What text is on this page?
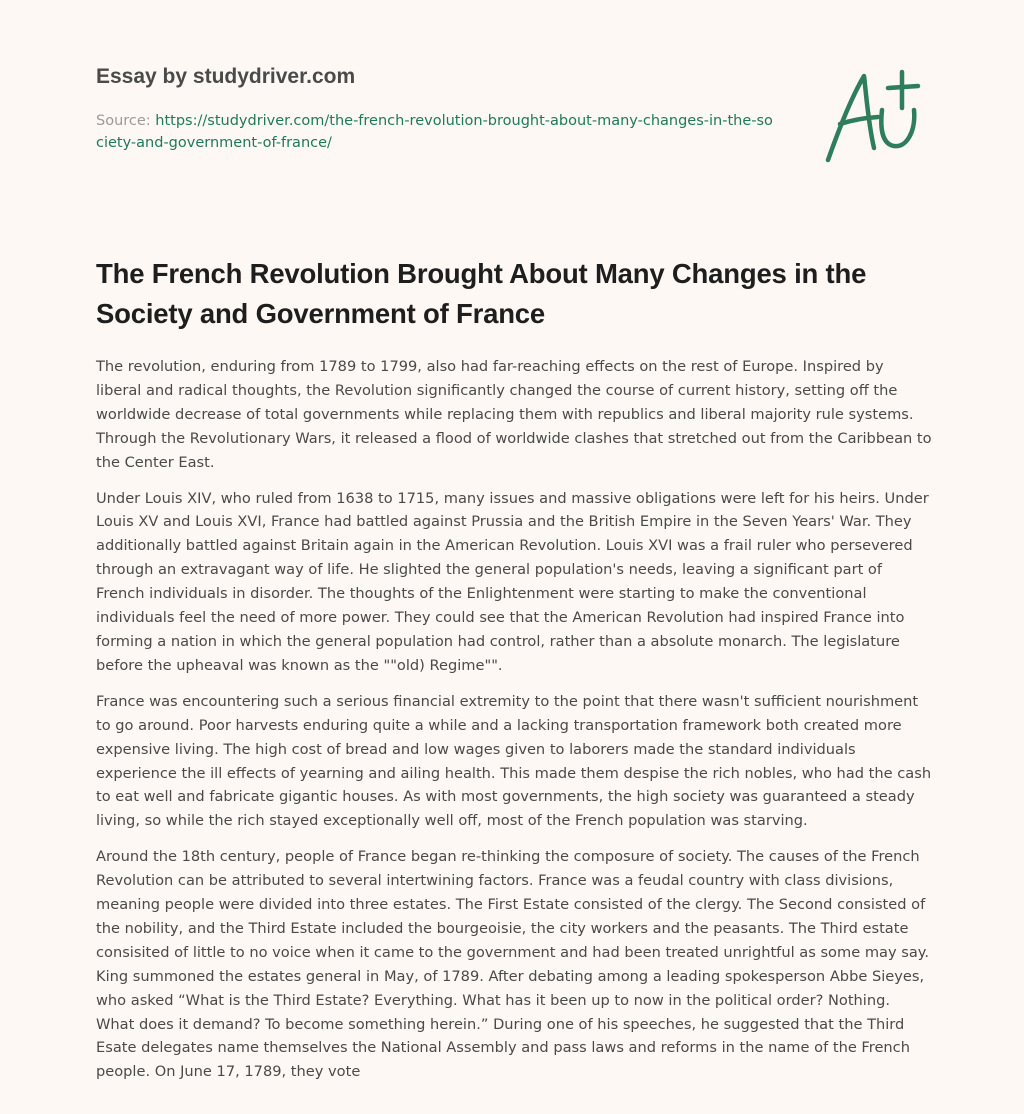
Essay by studydriver.com
Source: https://studydriver.com/the-french-revolution-brought-about-many-changes-in-the-society-and-government-of-france/
The French Revolution Brought About Many Changes in the Society and Government of France

The revolution, enduring from 1789 to 1799, also had far-reaching effects on the rest of Europe. Inspired by liberal and radical thoughts, the Revolution significantly changed the course of current history, setting off the worldwide decrease of total governments while replacing them with republics and liberal majority rule systems. Through the Revolutionary Wars, it released a flood of worldwide clashes that stretched out from the Caribbean to the Center East.

Under Louis XIV, who ruled from 1638 to 1715, many issues and massive obligations were left for his heirs. Under Louis XV and Louis XVI, France had battled against Prussia and the British Empire in the Seven Years' War. They additionally battled against Britain again in the American Revolution. Louis XVI was a frail ruler who persevered through an extravagant way of life. He slighted the general population's needs, leaving a significant part of French individuals in disorder. The thoughts of the Enlightenment were starting to make the conventional individuals feel the need of more power. They could see that the American Revolution had inspired France into forming a nation in which the general population had control, rather than a absolute monarch. The legislature before the upheaval was known as the ""old) Regime"".

France was encountering such a serious financial extremity to the point that there wasn't sufficient nourishment to go around. Poor harvests enduring quite a while and a lacking transportation framework both created more expensive living. The high cost of bread and low wages given to laborers made the standard individuals experience the ill effects of yearning and ailing health. This made them despise the rich nobles, who had the cash to eat well and fabricate gigantic houses. As with most governments, the high society was guaranteed a steady living, so while the rich stayed exceptionally well off, most of the French population was starving.

Around the 18th century, people of France began re-thinking the composure of society. The causes of the French Revolution can be attributed to several intertwining factors. France was a feudal country with class divisions, meaning people were divided into three estates. The First Estate consisted of the clergy. The Second consisted of the nobility, and the Third Estate included the bourgeoisie, the city workers and the peasants. The Third estate consisited of little to no voice when it came to the government and had been treated unrightful as some may say. King summoned the estates general in May, of 1789. After debating among a leading spokesperson Abbe Sieyes, who asked “What is the Third Estate? Everything. What has it been up to now in the political order? Nothing. What does it demand? To become something herein.” During one of his speeches, he suggested that the Third Esate delegates name themselves the National Assembly and pass laws and reforms in the name of the French people. On June 17, 1789, they vote
